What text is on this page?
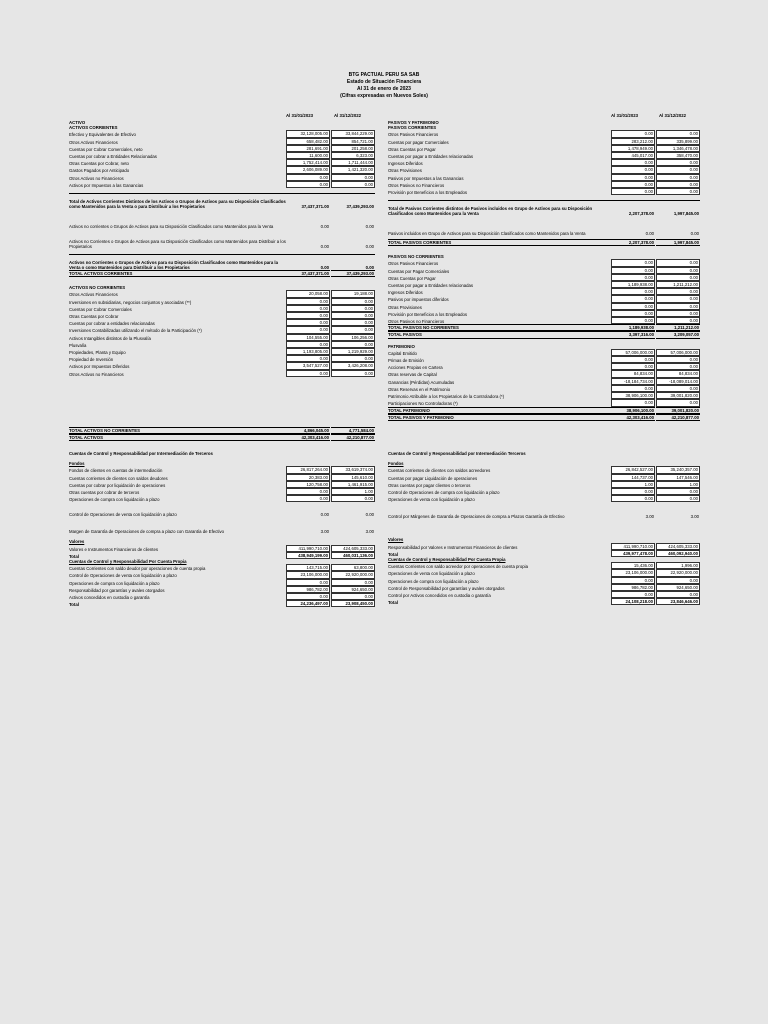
BTG PACTUAL PERU SA SAB
Estado de Situación Financiera
Al 31 de enero de 2023
(Cifras expresadas en Nuevos Soles)
Al 31/01/2023	Al 31/12/2022	Al 31/01/2023	Al 31/12/2022
ACTIVO
ACTIVOS CORRIENTES
Efectivo y Equivalentes de Efectivo	32,128,005.00	33,844,229.00
Otros Activos Financieros	658,482.00	854,721.00
Cuentas por Cobrar Comerciales, neto	281,691.00	201,258.00
Cuentas por cobrar a Entidades Relacionadas	11,600.00	6,323.00
Otras Cuentas por Cobrar, neto	1,752,414.00	1,711,444.00
Gastos Pagados por Anticipado	2,606,089.00	1,421,320.00
Otros Activos no Financieros	0.00	0.00
Activos por Impuestos a las Ganancias	0.00	0.00
Total de Activos Corrientes Distintos de los Activos o Grupos de Activos para su Disposición Clasificados como Mantenidos para la Venta o para Distribuir a los Propietarios	37,437,371.00	37,439,293.00
Activos no corrientes o Grupos de Activos para su Disposición Clasificados como Mantenidos para la Venta	0.00	0.00
Activos no Corrientes o Grupos de Activos para su Disposición Clasificados como Mantenidos para Distribuir a los Propietarios	0.00	0.00
Activos no Corrientes o Grupos de Activos para su Disposición Clasificados como Mantenidos para la Venta o como Mantenidos para Distribuir a los Propietarios	0.00	0.00
TOTAL ACTIVOS CORRIENTES	37,437,371.00	37,439,293.00
ACTIVOS NO CORRIENTES
Otros Activos Financieros	20,058.00	19,188.00
Inversiones en subsidiarias, negocios conjuntos y asociadas (**)	0.00	0.00
Cuentas por Cobrar Comerciales	0.00	0.00
Otras Cuentas por Cobrar	0.00	0.00
Cuentas por cobrar a entidades relacionadas	0.00	0.00
Inversiones Contabilizadas utilizando el método de la Participación (*)	0.00	0.00
Activos Intangibles distintos de la Plusvalía	104,555.00	106,256.00
Plusvalía	0.00	0.00
Propiedades, Planta y Equipo	1,193,805.00	1,219,929.00
Propiedad de Inversión	0.00	0.00
Activos por Impuestos Diferidos	3,547,527.00	3,426,208.00
Otros Activos no Financieros	0.00	0.00
TOTAL ACTIVOS NO CORRIENTES	4,866,045.00	4,771,584.00
TOTAL ACTIVOS	42,303,416.00	42,210,877.00
PASIVOS Y PATRIMONIO
PASIVOS CORRIENTES
Otros Pasivos Financieros	0.00	0.00
Cuentas por pagar Comerciales	283,212.00	335,899.00
Otras Cuentas por Pagar	1,478,949.00	1,346,478.00
Cuentas por pagar a Entidades relacionadas	445,017.00	358,470.00
Ingresos Diferidos	0.00	0.00
Otras Provisiones	0.00	0.00
Pasivos por Impuestos a las Ganancias	0.00	0.00
Otros Pasivos no Financieros	0.00	0.00
Provisión por Beneficios a los Empleados	0.00	0.00
Total de Pasivos Corrientes distintos de Pasivos incluidos en Grupo de Activos para su Disposición Clasificados como Mantenidos para la Venta	2,207,378.00	1,997,845.00
Pasivos incluidos en Grupo de Activos para su Disposición Clasificados como Mantenidos para la Venta	0.00	0.00
TOTAL PASIVOS CORRIENTES	2,207,378.00	1,997,845.00
PASIVOS NO CORRIENTES
Otros Pasivos Financieros	0.00	0.00
Cuentas por Pagar Comerciales	0.00	0.00
Otras Cuentas por Pagar	0.00	0.00
Cuentas por pagar a Entidades relacionadas	1,189,938.00	1,211,212.00
Ingresos Diferidos	0.00	0.00
Pasivos por impuestos diferidos	0.00	0.00
Otras Provisiones	0.00	0.00
Provisión por Beneficios a los Empleados	0.00	0.00
Otros Pasivos no Financieros	0.00	0.00
TOTAL PASIVOS NO CORRIENTES	1,189,938.00	1,211,212.00
TOTAL PASIVOS	3,397,316.00	3,209,057.00
PATRIMONIO
Capital Emitido	57,006,000.00	57,006,000.00
Primas de Emisión	0.00	0.00
Acciones Propias en Cartera	0.00	0.00
Otras reservas de Capital	84,834.00	84,834.00
Ganancias (Pérdidas) Acumuladas	-18,184,734.00	-18,089,014.00
Otras Reservas en el Patrimonio	0.00	0.00
Patrimonio Atribuible a los Propietarios de la Controladora (*)	38,906,100.00	39,001,820.00
Participaciones No Controladoras (*)	0.00	0.00
TOTAL PATRIMONIO	38,906,100.00	39,001,820.00
TOTAL PASIVOS Y PATRIMONIO	42,303,416.00	42,210,877.00
Cuentas de Control y Responsabilidad por Intermediación de Terceros
Fondos
Fondos de clientes en cuentas de intermediación	26,817,264.00	33,619,374.00
Cuentas corrientes de clientes con saldos deudores	20,383.00	145,610.00
Cuentas por cobrar por liquidación de operaciones	120,758.00	1,461,915.00
Otras cuentas por cobrar de terceros	0.00	1.00
Operaciones de compra con liquidación a plazo	0.00	0.00
Control de Operaciones de venta con liquidación a plazo	0.00	0.00
Margen de Garantía de Operaciones de compra a plazo con Garantía de Efectivo	3.00	3.00
Valores
Valores e Instrumentos Financieros de clientes	411,990,710.00	424,605,333.00
Total	438,949,199.00	460,031,136.00
Cuentas de Control y Responsabilidad Por Cuenta Propia
Cuentas Corrientes con saldo deudor por operaciones de cuenta propia	143,715.00	63,800.00
Control de Operaciones de venta con liquidación a plazo	23,106,000.00	22,920,000.00
Operaciones de compra con liquidación a plazo	0.00	0.00
Responsabilidad por garantías y avales otorgados	986,782.00	924,650.00
Activos concedidos en custodia o garantía	0.00	0.00
Total	24,236,497.00	23,908,450.00
Cuentas de Control y Responsabilidad por Intermediación Terceros
Fondos
Cuentas corrientes de clientes con saldos acreedores	26,842,527.00	35,240,357.00
Cuentas por pagar Liquidación de operaciones	144,737.00	147,546.00
Otras cuentas por pagar clientes o terceros	1.00	1.00
Control de Operaciones de compra con liquidación a plazo	0.00	0.00
Operaciones de venta con liquidación a plazo	0.00	0.00
Control por Márgenes de Garantía de Operaciones de compra a Plazos Garantía de Efectivo	3.00	3.00
Valores
Responsabilidad por Valores e Instrumentos Financieros de clientes	411,990,710.00	424,605,333.00
Total	439,977,478.00	460,092,940.00
Cuentas de Control y Responsabilidad Por Cuenta Propia
Cuentas Corrientes con saldo acreedor por operaciones de cuenta propia	15,436.00	1,996.00
Operaciones de venta con liquidación a plazo	23,106,000.00	22,920,000.00
Operaciones de compra con liquidación a plazo	0.00	0.00
Control de Responsabilidad por garantías y avales otorgados	986,782.00	924,650.00
Control por Activos concedidos en custodia o garantía	0.00	0.00
Total	24,108,218.00	23,846,646.00
